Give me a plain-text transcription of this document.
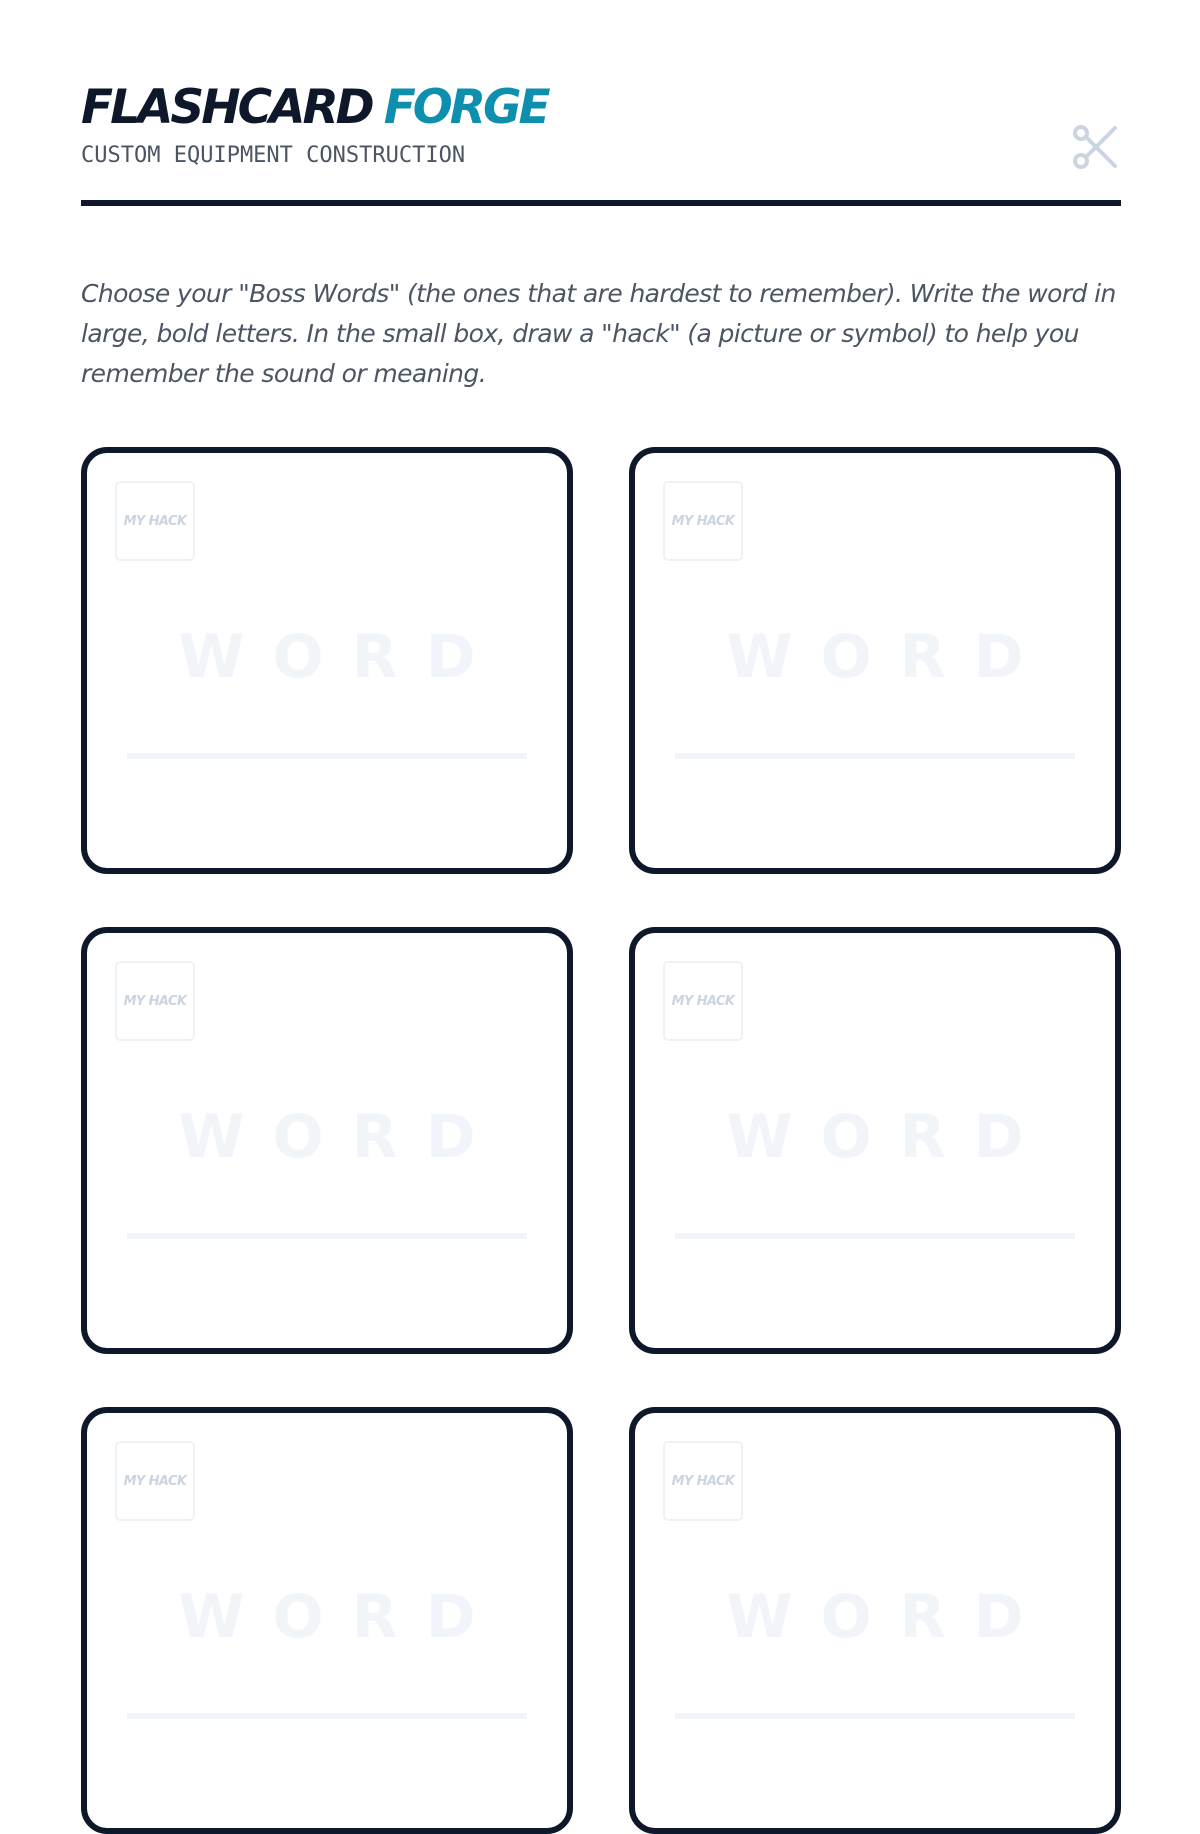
FLASHCARD FORGE
CUSTOM EQUIPMENT CONSTRUCTION

Choose your "Boss Words" (the ones that are hardest to remember). Write the word in large, bold letters. In the small box, draw a "hack" (a picture or symbol) to help you remember the sound or meaning.

MY HACK
WORD
MY HACK
WORD
MY HACK
WORD
MY HACK
WORD
MY HACK
WORD
MY HACK
WORD
